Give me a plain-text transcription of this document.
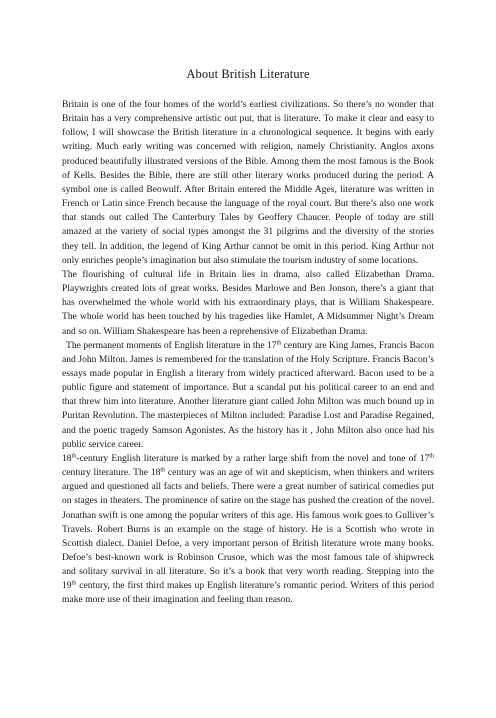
About British Literature

Britain is one of the four homes of the world’s earliest civilizations. So there’s no wonder that Britain has a very comprehensive artistic out put, that is literature. To make it clear and easy to follow, I will showcase the British literature in a chronological sequence. It begins with early writing. Much early writing was concerned with religion, namely Christianity. Anglos axons produced beautifully illustrated versions of the Bible. Among them the most famous is the Book of Kells. Besides the Bible, there are still other literary works produced during the period. A symbol one is called Beowulf. After Britain entered the Middle Ages, literature was written in French or Latin since French because the language of the royal court. But there’s also one work that stands out called The Canterbury Tales by Geoffery Chaucer. People of today are still amazed at the variety of social types amongst the 31 pilgrims and the diversity of the stories they tell. In addition, the legend of King Arthur cannot be omit in this period. King Arthur not only enriches people’s imagination but also stimulate the tourism industry of some locations.

The flourishing of cultural life in Britain lies in drama, also called Elizabethan Drama. Playwrights created lots of great works. Besides Marlowe and Ben Jonson, there’s a giant that has overwhelmed the whole world with his extraordinary plays, that is William Shakespeare. The whole world has been touched by his tragedies like Hamlet, A Midsummer Night’s Dream and so on. William Shakespeare has been a reprehensive of Elizabethan Drama.

The permanent moments of English literature in the 17th century are King James, Francis Bacon and John Milton. James is remembered for the translation of the Holy Scripture. Francis Bacon’s essays made popular in English a literary from widely practiced afterward. Bacon used to be a public figure and statement of importance. But a scandal put his political career to an end and that threw him into literature. Another literature giant called John Milton was much bound up in Puritan Revolution. The masterpieces of Milton included: Paradise Lost and Paradise Regained, and the poetic tragedy Samson Agonistes. As the history has it , John Milton also once had his public service career.

18th-century English literature is marked by a rather large shift from the novel and tone of 17th century literature. The 18th century was an age of wit and skepticism, when thinkers and writers argued and questioned all facts and beliefs. There were a great number of satirical comedies put on stages in theaters. The prominence of satire on the stage has pushed the creation of the novel. Jonathan swift is one among the popular writers of this age. His famous work goes to Gulliver’s Travels. Robert Burns is an example on the stage of history. He is a Scottish who wrote in Scottish dialect. Daniel Defoe, a very important person of British literature wrote many books. Defoe’s best-known work is Robinson Crusoe, which was the most famous tale of shipwreck and solitary survival in all literature. So it’s a book that very worth reading. Stepping into the 19th century, the first third makes up English literature’s romantic period. Writers of this period make more use of their imagination and feeling than reason.
